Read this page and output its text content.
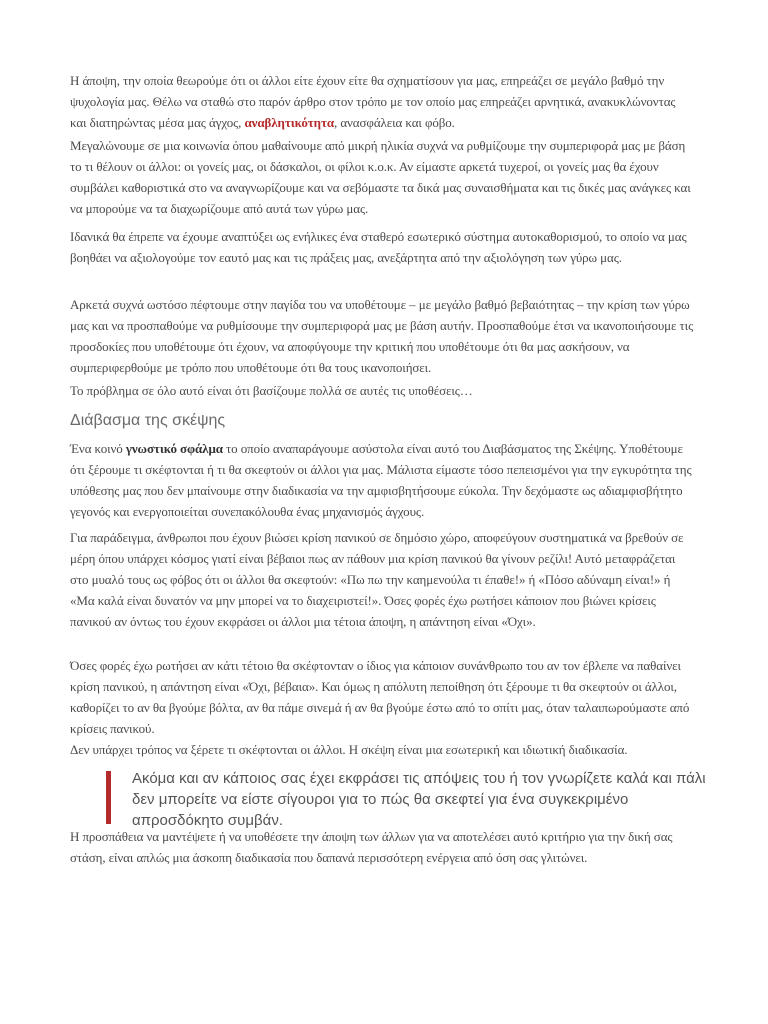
Η άποψη, την οποία θεωρούμε ότι οι άλλοι είτε έχουν είτε θα σχηματίσουν για μας, επηρεάζει σε μεγάλο βαθμό την ψυχολογία μας. Θέλω να σταθώ στο παρόν άρθρο στον τρόπο με τον οποίο μας επηρεάζει αρνητικά, ανακυκλώνοντας και διατηρώντας μέσα μας άγχος, αναβλητικότητα, ανασφάλεια και φόβο.

Μεγαλώνουμε σε μια κοινωνία όπου μαθαίνουμε από μικρή ηλικία συχνά να ρυθμίζουμε την συμπεριφορά μας με βάση το τι θέλουν οι άλλοι: οι γονείς μας, οι δάσκαλοι, οι φίλοι κ.ο.κ. Αν είμαστε αρκετά τυχεροί, οι γονείς μας θα έχουν συμβάλει καθοριστικά στο να αναγνωρίζουμε και να σεβόμαστε τα δικά μας συναισθήματα και τις δικές μας ανάγκες και να μπορούμε να τα διαχωρίζουμε από αυτά των γύρω μας.

Ιδανικά θα έπρεπε να έχουμε αναπτύξει ως ενήλικες ένα σταθερό εσωτερικό σύστημα αυτοκαθορισμού, το οποίο να μας βοηθάει να αξιολογούμε τον εαυτό μας και τις πράξεις μας, ανεξάρτητα από την αξιολόγηση των γύρω μας.

Αρκετά συχνά ωστόσο πέφτουμε στην παγίδα του να υποθέτουμε – με μεγάλο βαθμό βεβαιότητας – την κρίση των γύρω μας και να προσπαθούμε να ρυθμίσουμε την συμπεριφορά μας με βάση αυτήν. Προσπαθούμε έτσι να ικανοποιήσουμε τις προσδοκίες που υποθέτουμε ότι έχουν, να αποφύγουμε την κριτική που υποθέτουμε ότι θα μας ασκήσουν, να συμπεριφερθούμε με τρόπο που υποθέτουμε ότι θα τους ικανοποιήσει.

Το πρόβλημα σε όλο αυτό είναι ότι βασίζουμε πολλά σε αυτές τις υποθέσεις…

Διάβασμα της σκέψης

Ένα κοινό γνωστικό σφάλμα το οποίο αναπαράγουμε ασύστολα είναι αυτό του Διαβάσματος της Σκέψης. Υποθέτουμε ότι ξέρουμε τι σκέφτονται ή τι θα σκεφτούν οι άλλοι για μας. Μάλιστα είμαστε τόσο πεπεισμένοι για την εγκυρότητα της υπόθεσης μας που δεν μπαίνουμε στην διαδικασία να την αμφισβητήσουμε εύκολα. Την δεχόμαστε ως αδιαμφισβήτητο γεγονός και ενεργοποιείται συνεπακόλουθα ένας μηχανισμός άγχους.

Για παράδειγμα, άνθρωποι που έχουν βιώσει κρίση πανικού σε δημόσιο χώρο, αποφεύγουν συστηματικά να βρεθούν σε μέρη όπου υπάρχει κόσμος γιατί είναι βέβαιοι πως αν πάθουν μια κρίση πανικού θα γίνουν ρεζίλι! Αυτό μεταφράζεται στο μυαλό τους ως φόβος ότι οι άλλοι θα σκεφτούν: «Πω πω την καημενούλα τι έπαθε!» ή «Πόσο αδύναμη είναι!» ή «Μα καλά είναι δυνατόν να μην μπορεί να το διαχειριστεί!». Όσες φορές έχω ρωτήσει κάποιον που βιώνει κρίσεις πανικού αν όντως του έχουν εκφράσει οι άλλοι μια τέτοια άποψη, η απάντηση είναι «Όχι».

Όσες φορές έχω ρωτήσει αν κάτι τέτοιο θα σκέφτονταν ο ίδιος για κάποιον συνάνθρωπο του αν τον έβλεπε να παθαίνει κρίση πανικού, η απάντηση είναι «Όχι, βέβαια». Και όμως η απόλυτη πεποίθηση ότι ξέρουμε τι θα σκεφτούν οι άλλοι, καθορίζει το αν θα βγούμε βόλτα, αν θα πάμε σινεμά ή αν θα βγούμε έστω από το σπίτι μας, όταν ταλαιπωρούμαστε από κρίσεις πανικού.

Δεν υπάρχει τρόπος να ξέρετε τι σκέφτονται οι άλλοι. Η σκέψη είναι μια εσωτερική και ιδιωτική διαδικασία.

Ακόμα και αν κάποιος σας έχει εκφράσει τις απόψεις του ή τον γνωρίζετε καλά και πάλι δεν μπορείτε να είστε σίγουροι για το πώς θα σκεφτεί για ένα συγκεκριμένο απροσδόκητο συμβάν.

Η προσπάθεια να μαντέψετε ή να υποθέσετε την άποψη των άλλων για να αποτελέσει αυτό κριτήριο για την δική σας στάση, είναι απλώς μια άσκοπη διαδικασία που δαπανά περισσότερη ενέργεια από όση σας γλιτώνει.
